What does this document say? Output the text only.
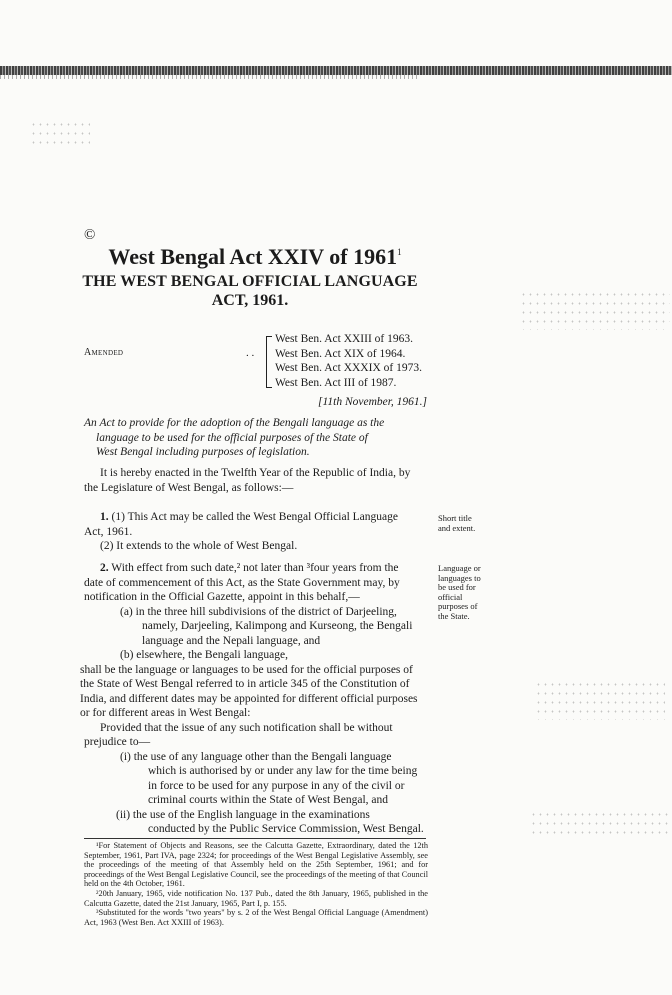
©
West Bengal Act XXIV of 1961$^1$
THE WEST BENGAL OFFICIAL LANGUAGE
ACT, 1961.
Amended	. .
West Ben. Act XXIII of 1963.
West Ben. Act XIX of 1964.
West Ben. Act XXXIX of 1973.
West Ben. Act III of 1987.
[11th November, 1961.]
An Act to provide for the adoption of the Bengali language as the
language to be used for the official purposes of the State of
West Bengal including purposes of legislation.
It is hereby enacted in the Twelfth Year of the Republic of India, by
the Legislature of West Bengal, as follows:—
1. (1) This Act may be called the West Bengal Official Language
Act, 1961.
(2) It extends to the whole of West Bengal.
Short title
and extent.
Language or
languages to
be used for
official
purposes of
the State.
2. With effect from such date,² not later than ³four years from the
date of commencement of this Act, as the State Government may, by
notification in the Official Gazette, appoint in this behalf,—
(a) in the three hill subdivisions of the district of Darjeeling,
namely, Darjeeling, Kalimpong and Kurseong, the Bengali
language and the Nepali language, and
(b) elsewhere, the Bengali language,
shall be the language or languages to be used for the official purposes of
the State of West Bengal referred to in article 345 of the Constitution of
India, and different dates may be appointed for different official purposes
or for different areas in West Bengal:
Provided that the issue of any such notification shall be without
prejudice to—
(i) the use of any language other than the Bengali language
which is authorised by or under any law for the time being
in force to be used for any purpose in any of the civil or
criminal courts within the State of West Bengal, and
(ii) the use of the English language in the examinations
conducted by the Public Service Commission, West Bengal.

¹For Statement of Objects and Reasons, see the Calcutta Gazette, Extraordinary, dated the 12th September, 1961, Part IVA, page 2324; for proceedings of the West Bengal Legislative Assembly, see the proceedings of the meeting of that Assembly held on the 25th September, 1961; and for proceedings of the West Bengal Legislative Council, see the proceedings of the meeting of that Council held on the 4th October, 1961.

²20th January, 1965, vide notification No. 137 Pub., dated the 8th January, 1965, published in the Calcutta Gazette, dated the 21st January, 1965, Part I, p. 155.

³Substituted for the words "two years" by s. 2 of the West Bengal Official Language (Amendment) Act, 1963 (West Ben. Act XXIII of 1963).
